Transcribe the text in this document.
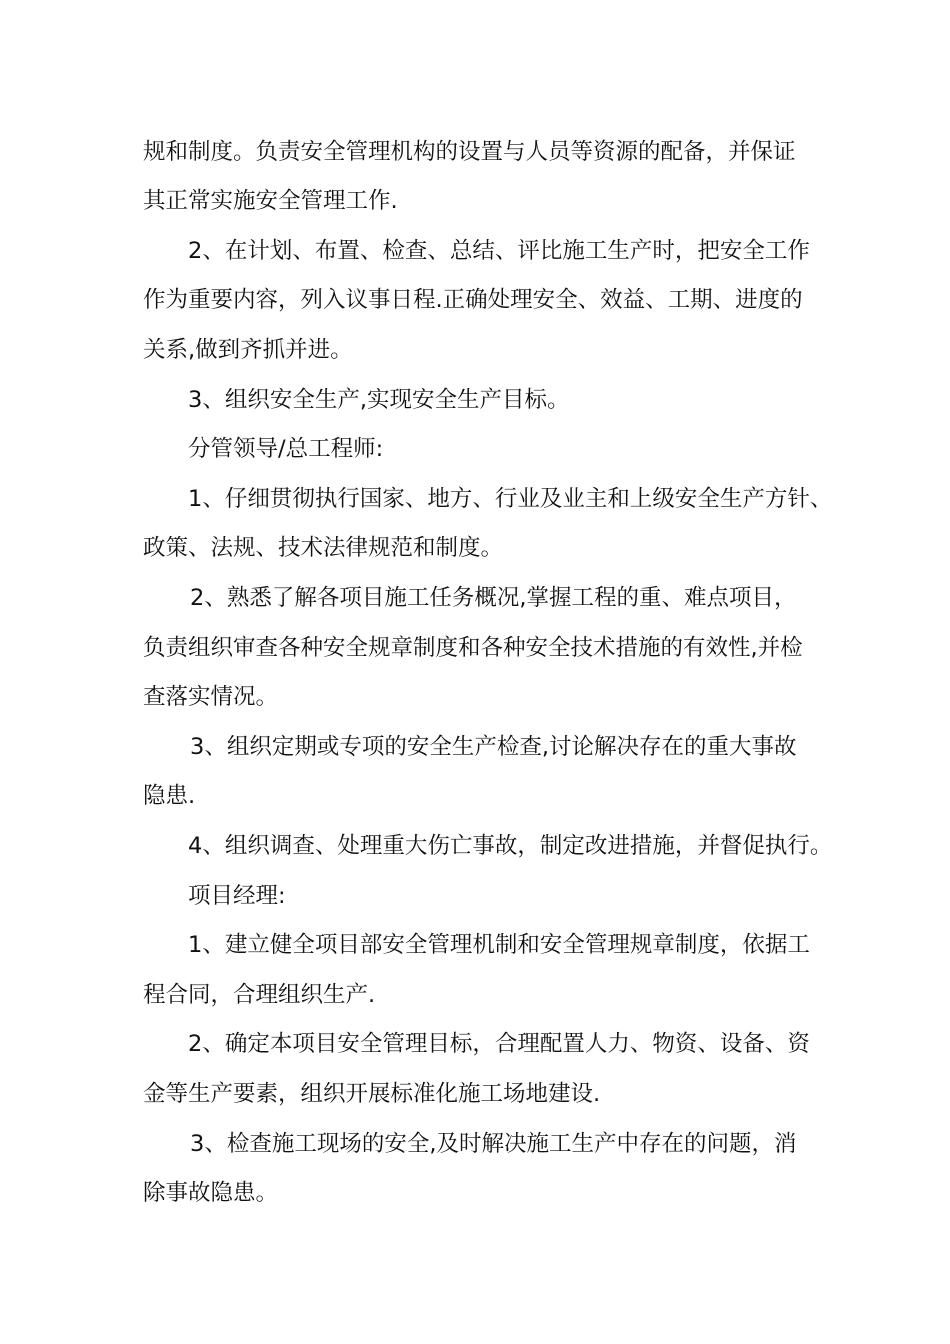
规和制度。负责安全管理机构的设置与人员等资源的配备，并保证
其正常实施安全管理工作.
2、在计划、布置、检查、总结、评比施工生产时，把安全工作
作为重要内容，列入议事日程.正确处理安全、效益、工期、进度的
关系,做到齐抓并进。
3、组织安全生产,实现安全生产目标。
分管领导/总工程师:
1、仔细贯彻执行国家、地方、行业及业主和上级安全生产方针、
政策、法规、技术法律规范和制度。
2、熟悉了解各项目施工任务概况,掌握工程的重、难点项目，
负责组织审查各种安全规章制度和各种安全技术措施的有效性,并检
查落实情况。
3、组织定期或专项的安全生产检查,讨论解决存在的重大事故
隐患.
4、组织调查、处理重大伤亡事故，制定改进措施，并督促执行。
项目经理:
1、建立健全项目部安全管理机制和安全管理规章制度，依据工
程合同，合理组织生产.
2、确定本项目安全管理目标，合理配置人力、物资、设备、资
金等生产要素，组织开展标准化施工场地建设.
3、检查施工现场的安全,及时解决施工生产中存在的问题，消
除事故隐患。
